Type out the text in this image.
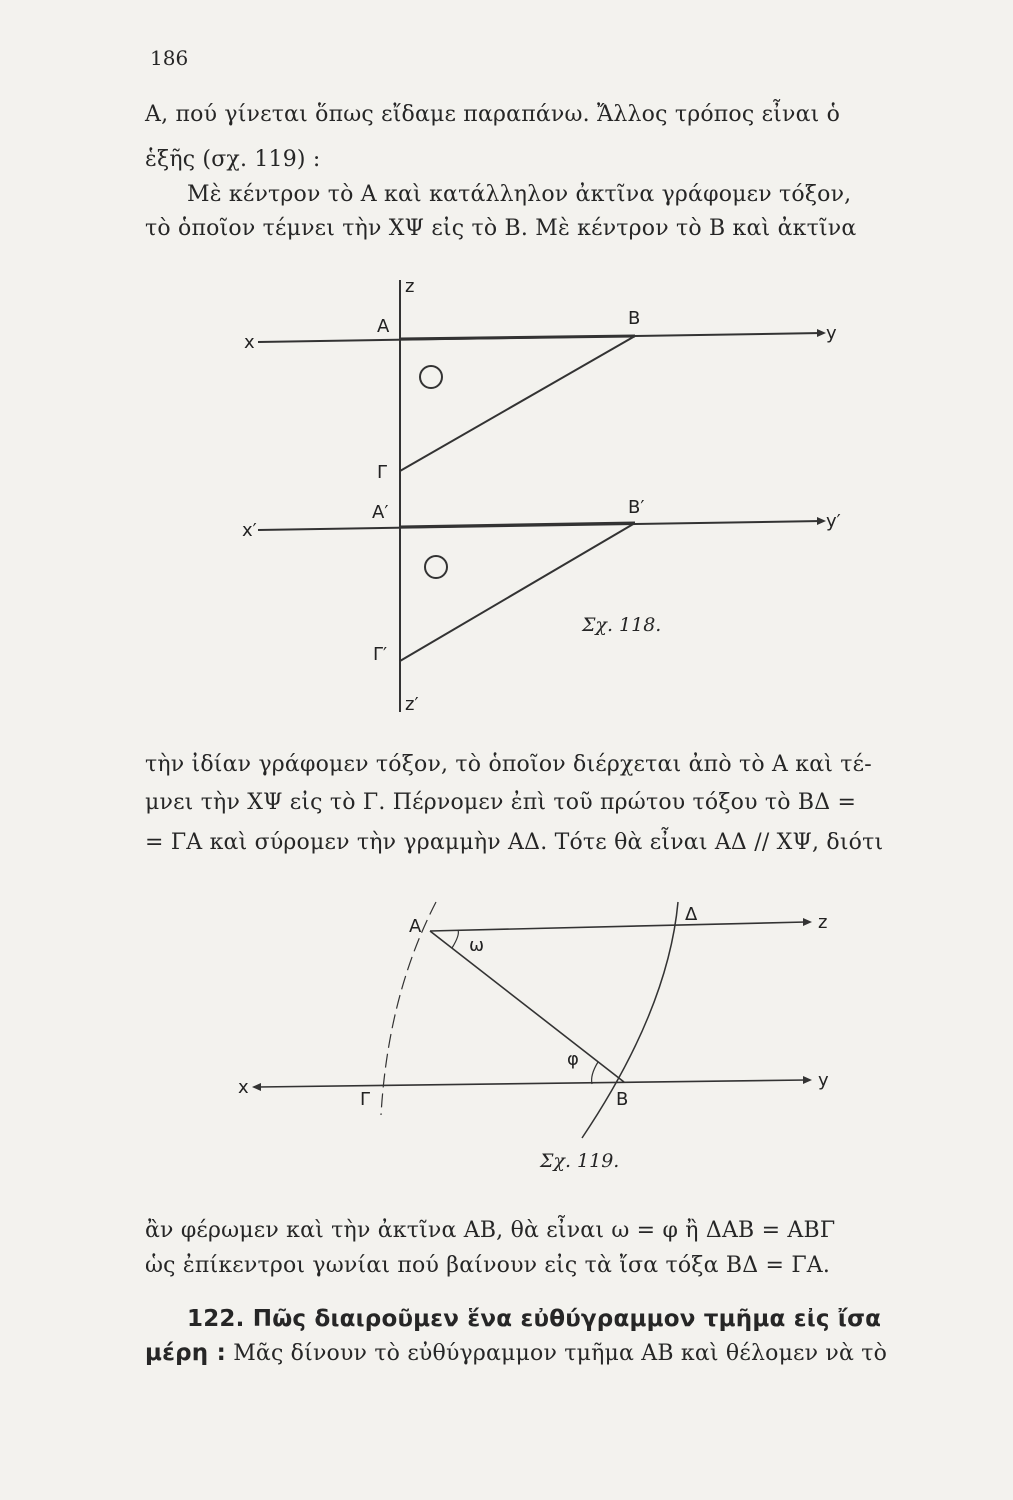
186
Α, πού γίνεται ὅπως εἴδαμε παραπάνω. Ἄλλος τρόπος εἶναι ὁ
ἑξῆς (σχ. 119) :
Μὲ κέντρον τὸ Α καὶ κατάλληλον ἀκτῖνα γράφομεν τόξον,
τὸ ὁποῖον τέμνει τὴν ΧΨ εἰς τὸ Β. Μὲ κέντρον τὸ Β καὶ ἀκτῖνα
z
x
Α	Β
y
Γ
x′
Α′	Β′
y′
Γ′
z′
Σχ. 118.
τὴν ἰδίαν γράφομεν τόξον, τὸ ὁποῖον διέρχεται ἀπὸ τὸ Α καὶ τέ-
μνει τὴν ΧΨ εἰς τὸ Γ. Πέρνομεν ἐπὶ τοῦ πρώτου τόξου τὸ ΒΔ =
= ΓΑ καὶ σύρομεν τὴν γραμμὴν ΑΔ. Τότε θὰ εἶναι ΑΔ // ΧΨ, διότι
Α
Δ	z
ω
φ
x
Γ	Β
y
Σχ. 119.
ἂν φέρωμεν καὶ τὴν ἀκτῖνα ΑΒ, θὰ εἶναι ω = φ ἢ ΔΑΒ = ΑΒΓ
ὡς ἐπίκεντροι γωνίαι πού βαίνουν εἰς τὰ ἴσα τόξα ΒΔ = ΓΑ.
122. Πῶς διαιροῦμεν ἕνα εὐθύγραμμον τμῆμα εἰς ἴσα
μέρη : Μᾶς δίνουν τὸ εὐθύγραμμον τμῆμα ΑΒ καὶ θέλομεν νὰ τὸ
